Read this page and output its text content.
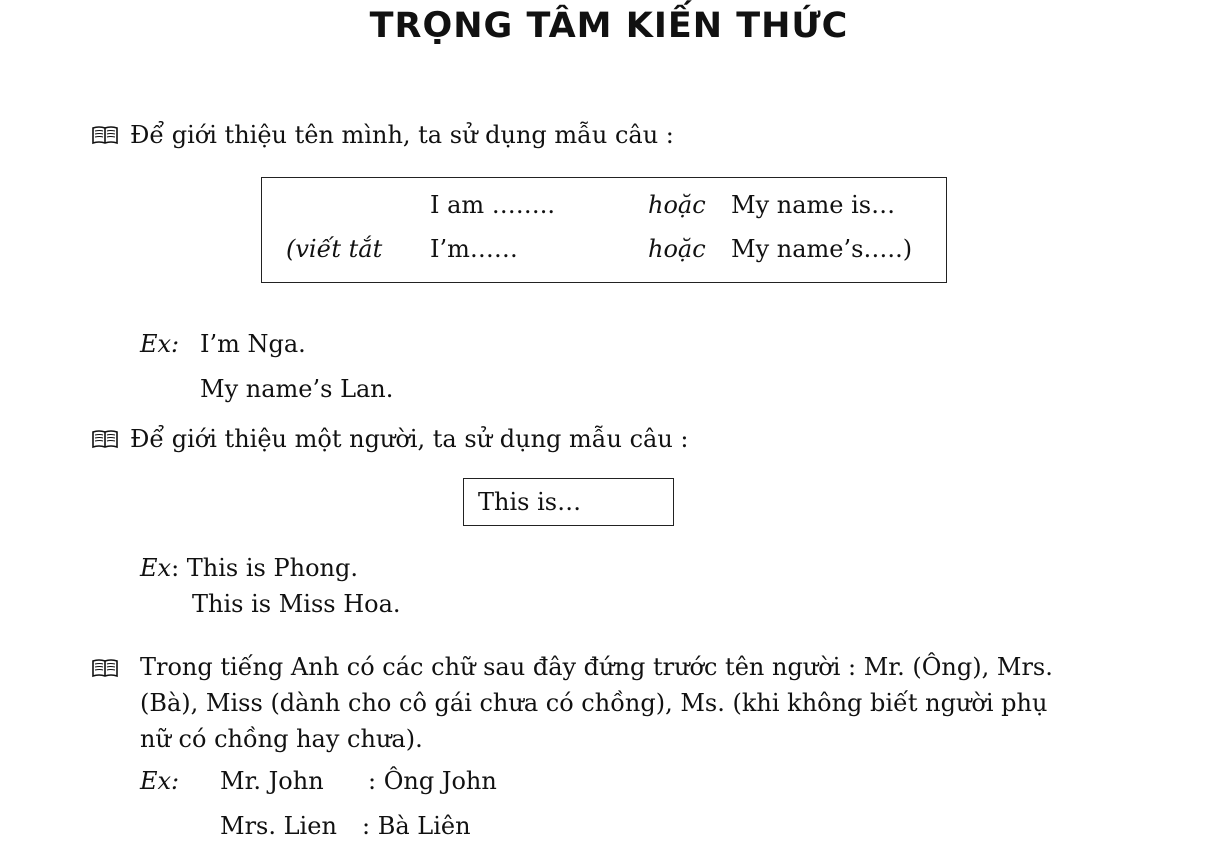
TRỌNG TÂM KIẾN THỨC
Để giới thiệu tên mình, ta sử dụng mẫu câu :
I am ……..	hoặc My name is…
(viết tắt I’m……	hoặc My name’s…..)
Ex: I’m Nga.
My name’s Lan.
Để giới thiệu một người, ta sử dụng mẫu câu :
This is…
Ex: This is Phong.
This is Miss Hoa.
Trong tiếng Anh có các chữ sau đây đứng trước tên người : Mr. (Ông), Mrs.
(Bà), Miss (dành cho cô gái chưa có chồng), Ms. (khi không biết người phụ
nữ có chồng hay chưa).
Ex: Mr. John : Ông John
Mrs. Lien : Bà Liên
